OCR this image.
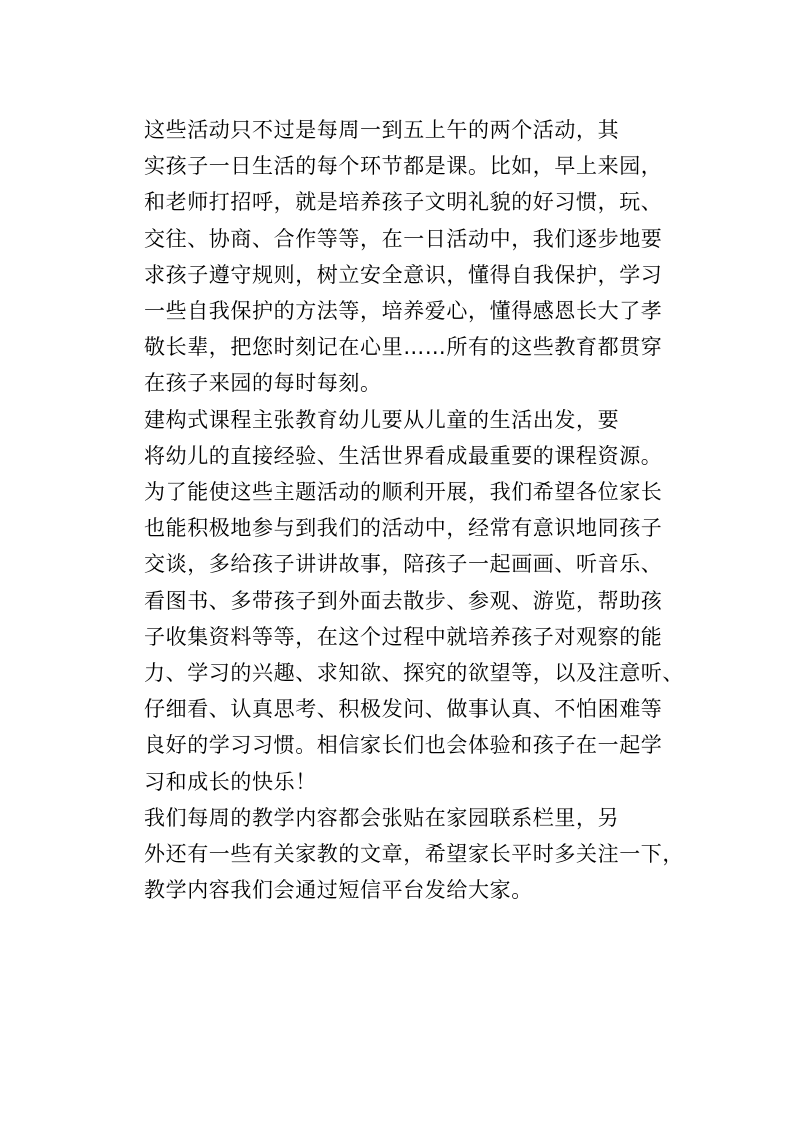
这些活动只不过是每周一到五上午的两个活动，其
实孩子一日生活的每个环节都是课。比如，早上来园，
和老师打招呼，就是培养孩子文明礼貌的好习惯，玩、
交往、协商、合作等等，在一日活动中，我们逐步地要
求孩子遵守规则，树立安全意识，懂得自我保护，学习
一些自我保护的方法等，培养爱心，懂得感恩长大了孝
敬长辈，把您时刻记在心里……所有的这些教育都贯穿
在孩子来园的每时每刻。
建构式课程主张教育幼儿要从儿童的生活出发，要
将幼儿的直接经验、生活世界看成最重要的课程资源。
为了能使这些主题活动的顺利开展，我们希望各位家长
也能积极地参与到我们的活动中，经常有意识地同孩子
交谈，多给孩子讲讲故事，陪孩子一起画画、听音乐、
看图书、多带孩子到外面去散步、参观、游览，帮助孩
子收集资料等等，在这个过程中就培养孩子对观察的能
力、学习的兴趣、求知欲、探究的欲望等，以及注意听、
仔细看、认真思考、积极发问、做事认真、不怕困难等
良好的学习习惯。相信家长们也会体验和孩子在一起学
习和成长的快乐！
我们每周的教学内容都会张贴在家园联系栏里，另
外还有一些有关家教的文章，希望家长平时多关注一下，
教学内容我们会通过短信平台发给大家。
